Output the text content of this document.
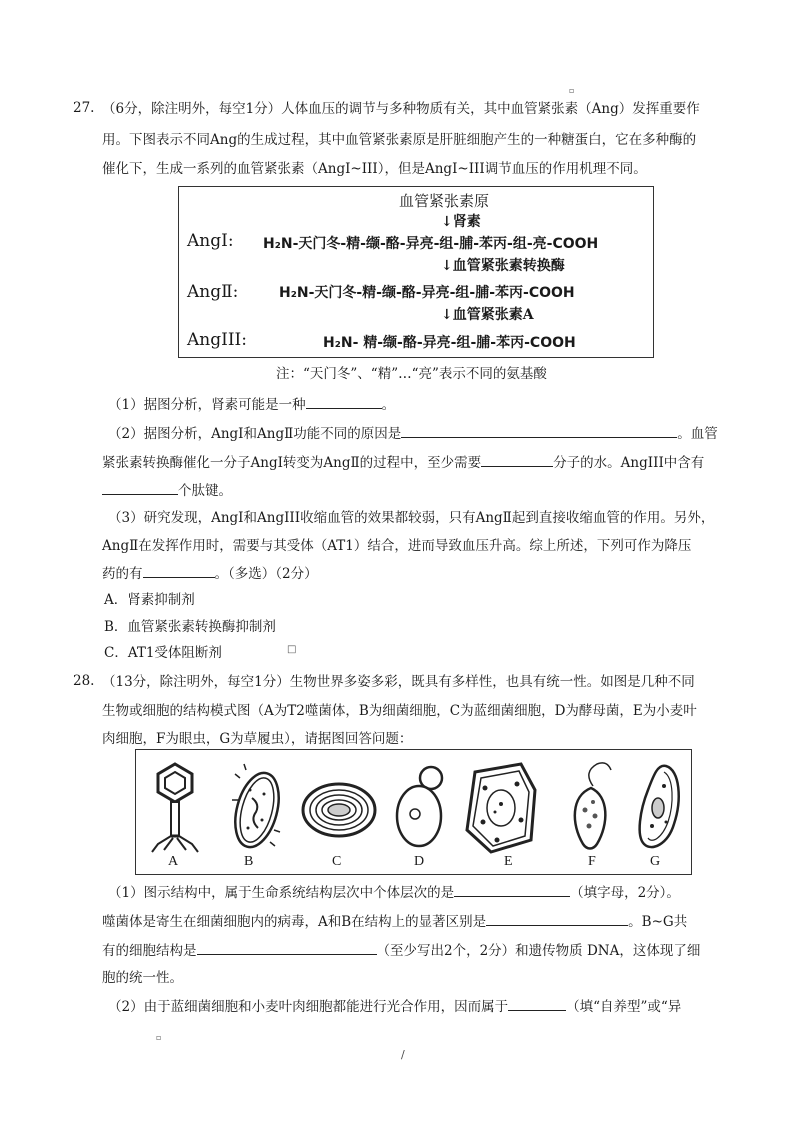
▫
27. （6分，除注明外，每空1分）人体血压的调节与多种物质有关，其中血管紧张素（Ang）发挥重要作
用。下图表示不同Ang的生成过程，其中血管紧张素原是肝脏细胞产生的一种糖蛋白，它在多种酶的
催化下，生成一系列的血管紧张素（AngI~III），但是AngI~III调节血压的作用机理不同。
血管紧张素原
↓肾素
AngⅠ: H₂N-天门冬-精-缬-酪-异亮-组-脯-苯丙-组-亮-COOH
↓血管紧张素转换酶
AngⅡ:	H₂N-天门冬-精-缬-酪-异亮-组-脯-苯丙-COOH
↓血管紧张素A
AngIII:	H₂N- 精-缬-酪-异亮-组-脯-苯丙-COOH
注：“天门冬”、“精”…“亮”表示不同的氨基酸
（1）据图分析，肾素可能是一种	。
（2）据图分析，AngI和AngⅡ功能不同的原因是	。血管
紧张素转换酶催化一分子AngI转变为AngⅡ的过程中，至少需要	分子的水。AngIII中含有
个肽键。
（3）研究发现，AngI和AngIII收缩血管的效果都较弱，只有AngⅡ起到直接收缩血管的作用。另外，
AngⅡ在发挥作用时，需要与其受体（AT1）结合，进而导致血压升高。综上所述，下列可作为降压
药的有	。（多选）（2分）
A．肾素抑制剂
B．血管紧张素转换酶抑制剂
C．AT1受体阻断剂	□
28. （13分，除注明外，每空1分）生物世界多姿多彩，既具有多样性，也具有统一性。如图是几种不同
生物或细胞的结构模式图（A为T2噬菌体，B为细菌细胞，C为蓝细菌细胞，D为酵母菌，E为小麦叶
肉细胞，F为眼虫，G为草履虫），请据图回答问题：
A	B	C	D	E	F	G
（1）图示结构中，属于生命系统结构层次中个体层次的是	（填字母，2分）。
噬菌体是寄生在细菌细胞内的病毒，A和B在结构上的显著区别是	。B~G共
有的细胞结构是	（至少写出2个，2分）和遗传物质 DNA，这体现了细
胞的统一性。
（2）由于蓝细菌细胞和小麦叶肉细胞都能进行光合作用，因而属于	（填“自养型”或“异
▫
/
